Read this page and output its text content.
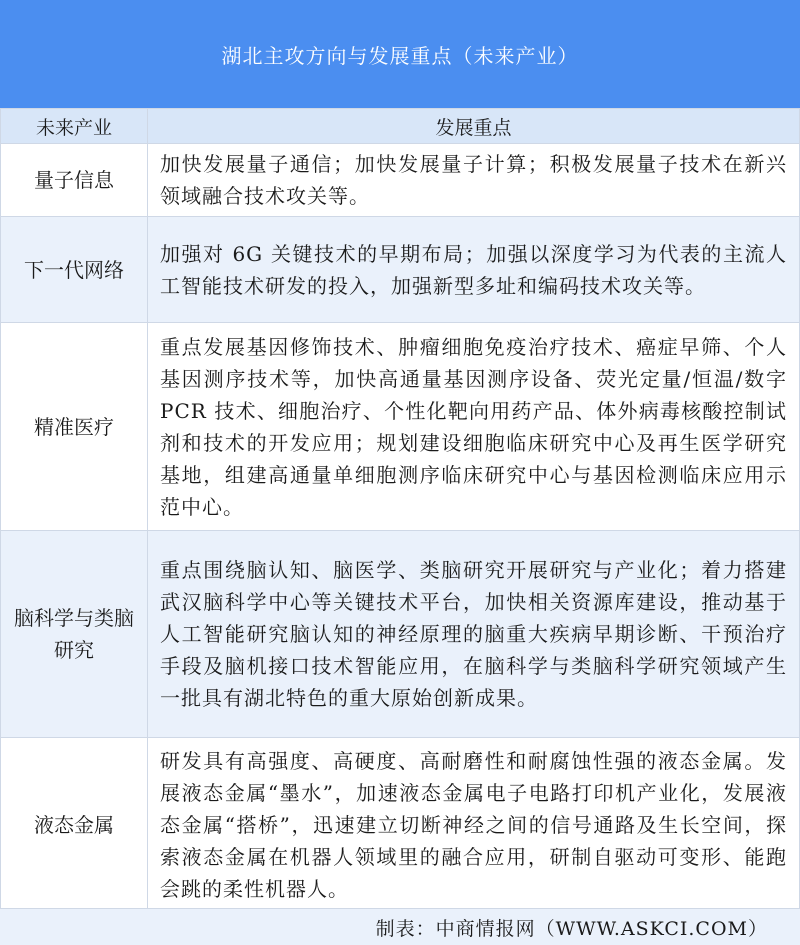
湖北主攻方向与发展重点（未来产业）
未来产业	发展重点
量子信息	加快发展量子通信；加快发展量子计算；积极发展量子技术在新兴领域融合技术攻关等。
下一代网络	加强对 6G 关键技术的早期布局；加强以深度学习为代表的主流人工智能技术研发的投入，加强新型多址和编码技术攻关等。
精准医疗	重点发展基因修饰技术、肿瘤细胞免疫治疗技术、癌症早筛、个人基因测序技术等，加快高通量基因测序设备、荧光定量/恒温/数字 PCR 技术、细胞治疗、个性化靶向用药产品、体外病毒核酸控制试剂和技术的开发应用；规划建设细胞临床研究中心及再生医学研究基地，组建高通量单细胞测序临床研究中心与基因检测临床应用示范中心。
脑科学与类脑研究	重点围绕脑认知、脑医学、类脑研究开展研究与产业化；着力搭建武汉脑科学中心等关键技术平台，加快相关资源库建设，推动基于人工智能研究脑认知的神经原理的脑重大疾病早期诊断、干预治疗手段及脑机接口技术智能应用，在脑科学与类脑科学研究领域产生一批具有湖北特色的重大原始创新成果。
液态金属	研发具有高强度、高硬度、高耐磨性和耐腐蚀性强的液态金属。发展液态金属“墨水”，加速液态金属电子电路打印机产业化，发展液态金属“搭桥”，迅速建立切断神经之间的信号通路及生长空间，探索液态金属在机器人领域里的融合应用，研制自驱动可变形、能跑会跳的柔性机器人。
制表：中商情报网（WWW.ASKCI.COM）
